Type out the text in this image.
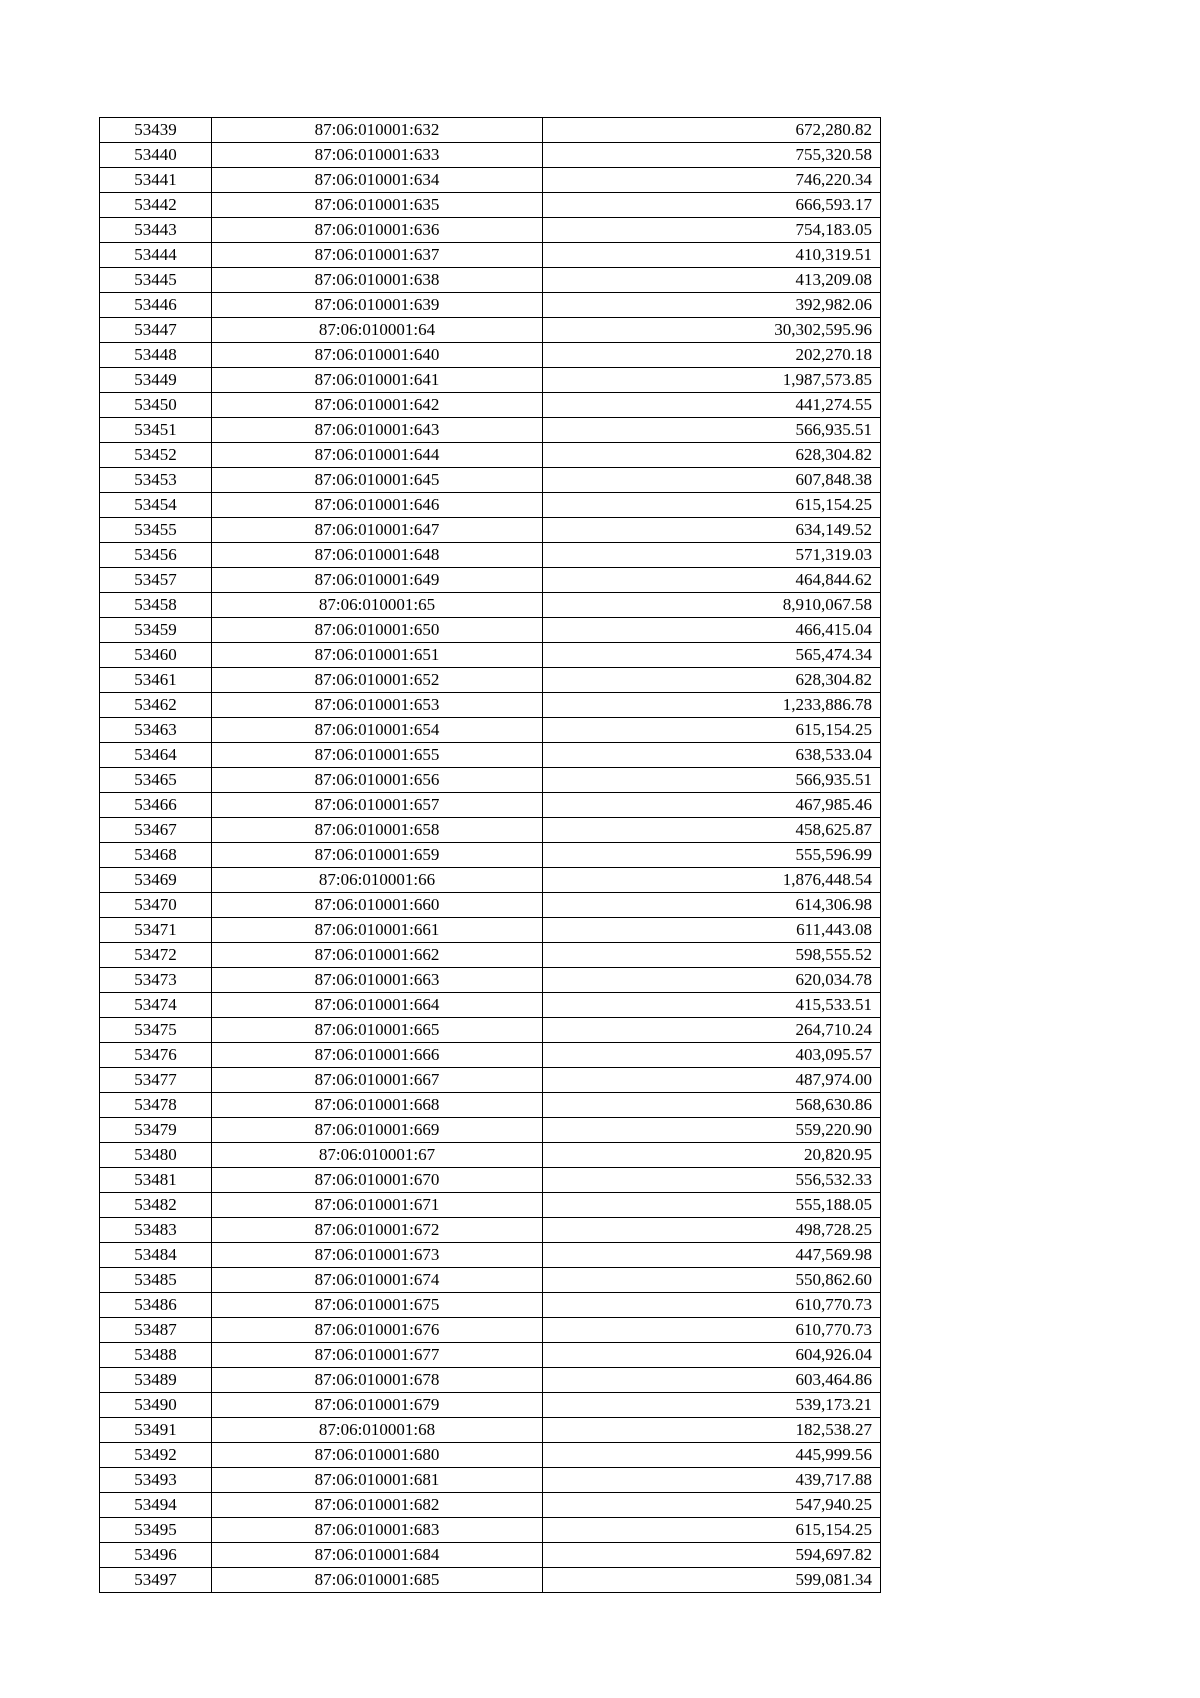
53439	87:06:010001:632	672,280.82
53440	87:06:010001:633	755,320.58
53441	87:06:010001:634	746,220.34
53442	87:06:010001:635	666,593.17
53443	87:06:010001:636	754,183.05
53444	87:06:010001:637	410,319.51
53445	87:06:010001:638	413,209.08
53446	87:06:010001:639	392,982.06
53447	87:06:010001:64	30,302,595.96
53448	87:06:010001:640	202,270.18
53449	87:06:010001:641	1,987,573.85
53450	87:06:010001:642	441,274.55
53451	87:06:010001:643	566,935.51
53452	87:06:010001:644	628,304.82
53453	87:06:010001:645	607,848.38
53454	87:06:010001:646	615,154.25
53455	87:06:010001:647	634,149.52
53456	87:06:010001:648	571,319.03
53457	87:06:010001:649	464,844.62
53458	87:06:010001:65	8,910,067.58
53459	87:06:010001:650	466,415.04
53460	87:06:010001:651	565,474.34
53461	87:06:010001:652	628,304.82
53462	87:06:010001:653	1,233,886.78
53463	87:06:010001:654	615,154.25
53464	87:06:010001:655	638,533.04
53465	87:06:010001:656	566,935.51
53466	87:06:010001:657	467,985.46
53467	87:06:010001:658	458,625.87
53468	87:06:010001:659	555,596.99
53469	87:06:010001:66	1,876,448.54
53470	87:06:010001:660	614,306.98
53471	87:06:010001:661	611,443.08
53472	87:06:010001:662	598,555.52
53473	87:06:010001:663	620,034.78
53474	87:06:010001:664	415,533.51
53475	87:06:010001:665	264,710.24
53476	87:06:010001:666	403,095.57
53477	87:06:010001:667	487,974.00
53478	87:06:010001:668	568,630.86
53479	87:06:010001:669	559,220.90
53480	87:06:010001:67	20,820.95
53481	87:06:010001:670	556,532.33
53482	87:06:010001:671	555,188.05
53483	87:06:010001:672	498,728.25
53484	87:06:010001:673	447,569.98
53485	87:06:010001:674	550,862.60
53486	87:06:010001:675	610,770.73
53487	87:06:010001:676	610,770.73
53488	87:06:010001:677	604,926.04
53489	87:06:010001:678	603,464.86
53490	87:06:010001:679	539,173.21
53491	87:06:010001:68	182,538.27
53492	87:06:010001:680	445,999.56
53493	87:06:010001:681	439,717.88
53494	87:06:010001:682	547,940.25
53495	87:06:010001:683	615,154.25
53496	87:06:010001:684	594,697.82
53497	87:06:010001:685	599,081.34
